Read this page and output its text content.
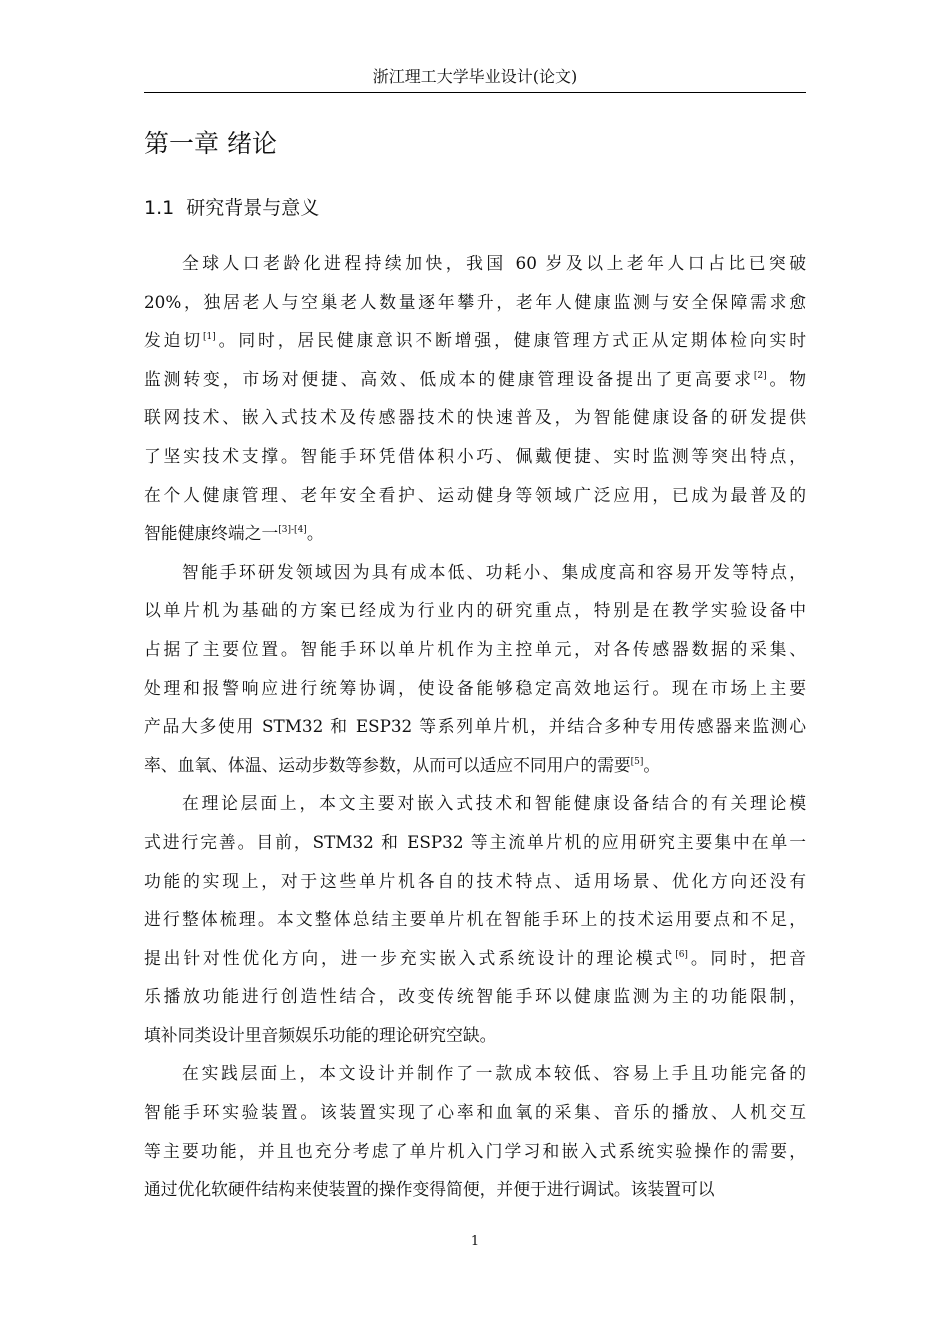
浙江理工大学毕业设计(论文)
第一章 绪论
1.1 研究背景与意义
全球人口老龄化进程持续加快，我国 60 岁及以上老年人口占比已突破
20%，独居老人与空巢老人数量逐年攀升，老年人健康监测与安全保障需求愈
发迫切[1]。同时，居民健康意识不断增强，健康管理方式正从定期体检向实时
监测转变，市场对便捷、高效、低成本的健康管理设备提出了更高要求[2]。物
联网技术、嵌入式技术及传感器技术的快速普及，为智能健康设备的研发提供
了坚实技术支撑。智能手环凭借体积小巧、佩戴便捷、实时监测等突出特点，
在个人健康管理、老年安全看护、运动健身等领域广泛应用，已成为最普及的
智能健康终端之一[3]-[4]。
智能手环研发领域因为具有成本低、功耗小、集成度高和容易开发等特点，
以单片机为基础的方案已经成为行业内的研究重点，特别是在教学实验设备中
占据了主要位置。智能手环以单片机作为主控单元，对各传感器数据的采集、
处理和报警响应进行统筹协调，使设备能够稳定高效地运行。现在市场上主要
产品大多使用 STM32 和 ESP32 等系列单片机，并结合多种专用传感器来监测心
率、血氧、体温、运动步数等参数，从而可以适应不同用户的需要[5]。
在理论层面上，本文主要对嵌入式技术和智能健康设备结合的有关理论模
式进行完善。目前，STM32 和 ESP32 等主流单片机的应用研究主要集中在单一
功能的实现上，对于这些单片机各自的技术特点、适用场景、优化方向还没有
进行整体梳理。本文整体总结主要单片机在智能手环上的技术运用要点和不足，
提出针对性优化方向，进一步充实嵌入式系统设计的理论模式[6]。同时，把音
乐播放功能进行创造性结合，改变传统智能手环以健康监测为主的功能限制，
填补同类设计里音频娱乐功能的理论研究空缺。
在实践层面上，本文设计并制作了一款成本较低、容易上手且功能完备的
智能手环实验装置。该装置实现了心率和血氧的采集、音乐的播放、人机交互
等主要功能，并且也充分考虑了单片机入门学习和嵌入式系统实验操作的需要，
通过优化软硬件结构来使装置的操作变得简便，并便于进行调试。该装置可以
1
